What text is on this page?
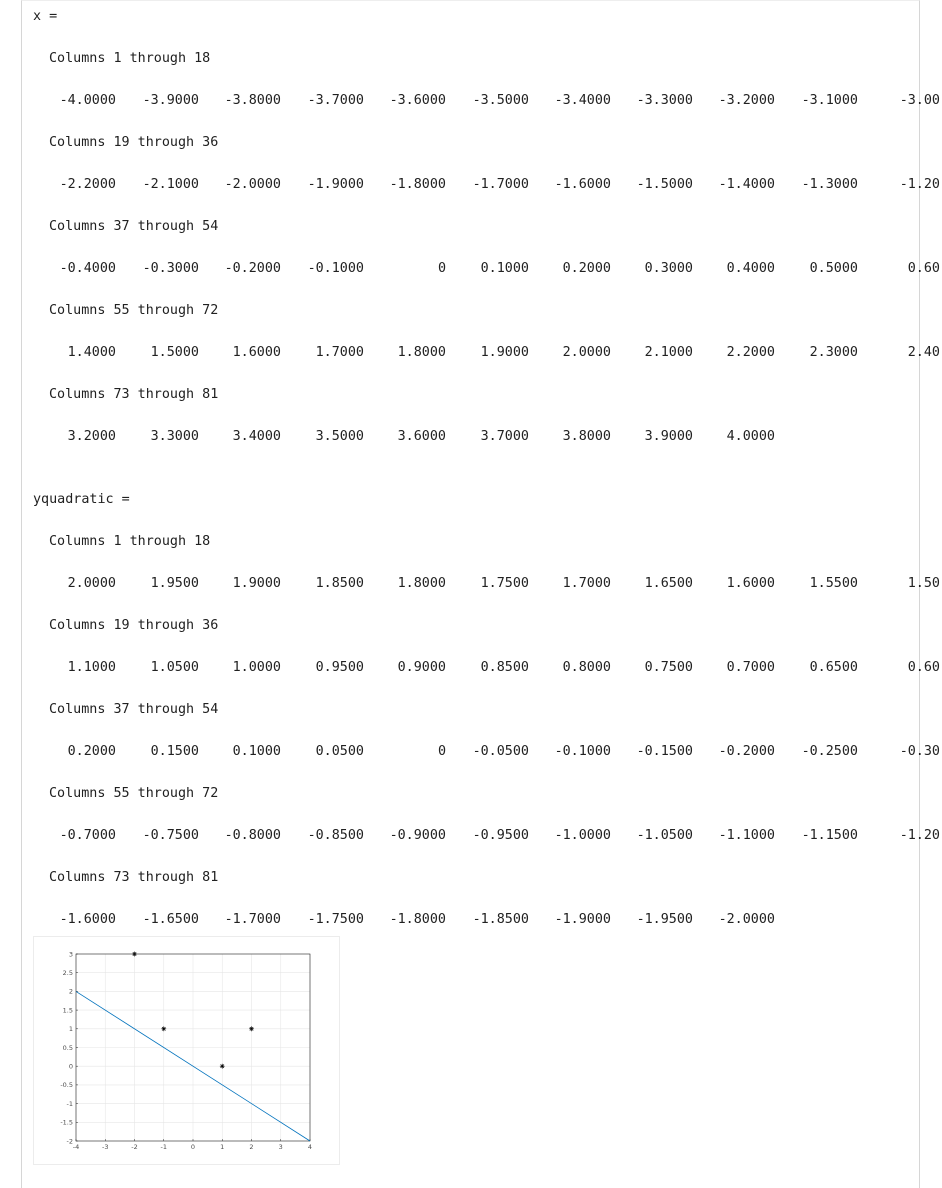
x =
yquadratic =
-4	-3	-2	-1	0	1	2	3	4
-2
-1.5
-1
-0.5
0
0.5
1
1.5
2
2.5
3
Columns 1 through 18
-4.0000	-3.9000	-3.8000	-3.7000	-3.6000	-3.5000	-3.4000	-3.3000	-3.2000	-3.1000	-3.00
Columns 19 through 36
-2.2000	-2.1000	-2.0000	-1.9000	-1.8000	-1.7000	-1.6000	-1.5000	-1.4000	-1.3000	-1.20
Columns 37 through 54
-0.4000	-0.3000	-0.2000	-0.1000	0	0.1000	0.2000	0.3000	0.4000	0.5000	0.60
Columns 55 through 72
1.4000	1.5000	1.6000	1.7000	1.8000	1.9000	2.0000	2.1000	2.2000	2.3000	2.40
Columns 73 through 81
3.2000	3.3000	3.4000	3.5000	3.6000	3.7000	3.8000	3.9000	4.0000
Columns 1 through 18
2.0000	1.9500	1.9000	1.8500	1.8000	1.7500	1.7000	1.6500	1.6000	1.5500	1.50
Columns 19 through 36
1.1000	1.0500	1.0000	0.9500	0.9000	0.8500	0.8000	0.7500	0.7000	0.6500	0.60
Columns 37 through 54
0.2000	0.1500	0.1000	0.0500	0	-0.0500	-0.1000	-0.1500	-0.2000	-0.2500	-0.30
Columns 55 through 72
-0.7000	-0.7500	-0.8000	-0.8500	-0.9000	-0.9500	-1.0000	-1.0500	-1.1000	-1.1500	-1.20
Columns 73 through 81
-1.6000	-1.6500	-1.7000	-1.7500	-1.8000	-1.8500	-1.9000	-1.9500	-2.0000
